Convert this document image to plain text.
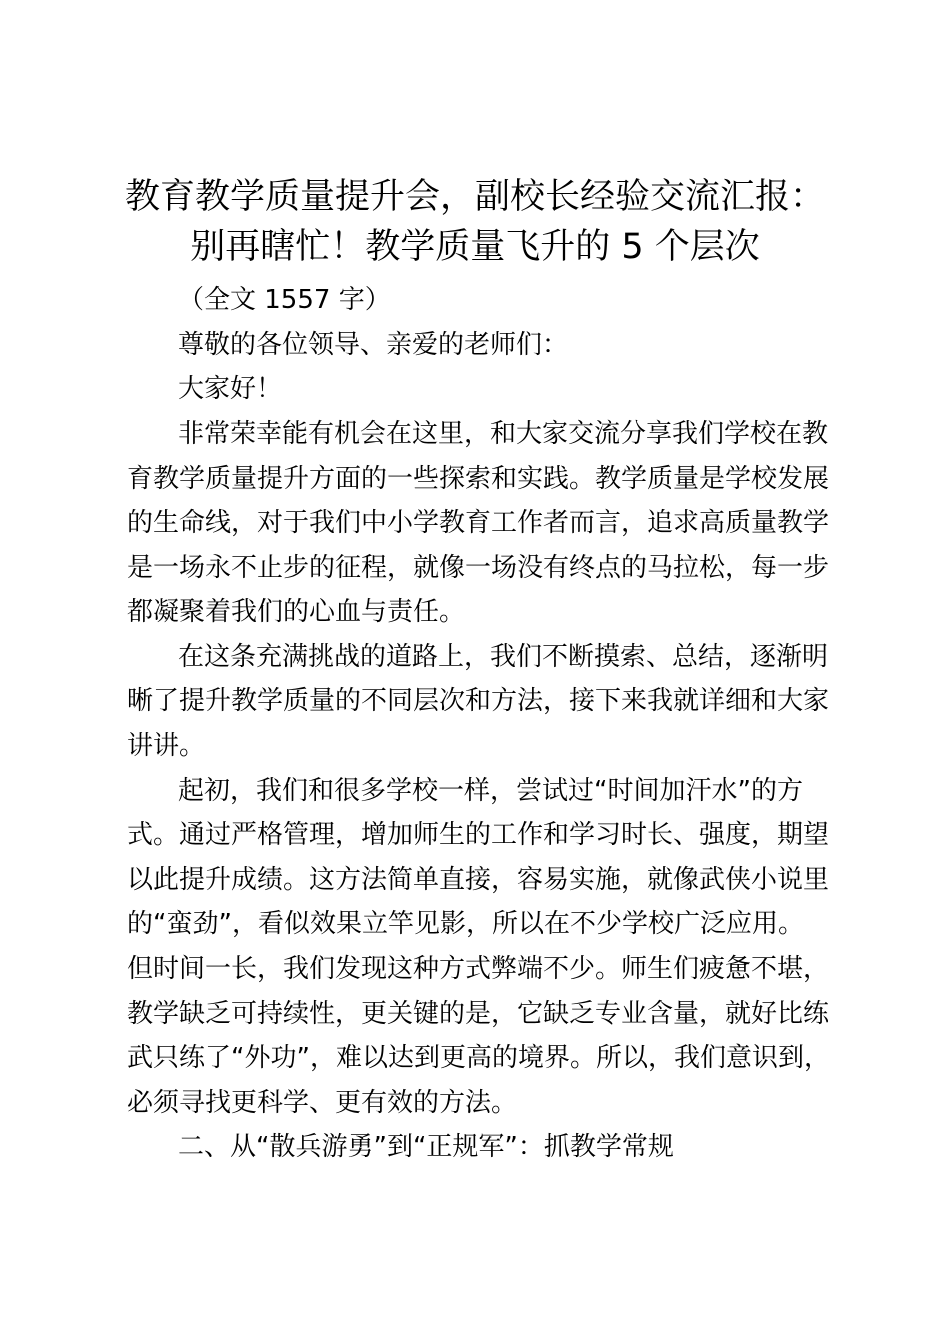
教育教学质量提升会，副校长经验交流汇报：
别再瞎忙！教学质量飞升的 5 个层次

（全文 1557 字）

尊敬的各位领导、亲爱的老师们：

大家好！

非常荣幸能有机会在这里，和大家交流分享我们学校在教

育教学质量提升方面的一些探索和实践。教学质量是学校发展

的生命线，对于我们中小学教育工作者而言，追求高质量教学

是一场永不止步的征程，就像一场没有终点的马拉松，每一步

都凝聚着我们的心血与责任。

在这条充满挑战的道路上，我们不断摸索、总结，逐渐明

晰了提升教学质量的不同层次和方法，接下来我就详细和大家

讲讲。

起初，我们和很多学校一样，尝试过“时间加汗水”的方

式。通过严格管理，增加师生的工作和学习时长、强度，期望

以此提升成绩。这方法简单直接，容易实施，就像武侠小说里

的“蛮劲”，看似效果立竿见影，所以在不少学校广泛应用。

但时间一长，我们发现这种方式弊端不少。师生们疲惫不堪，

教学缺乏可持续性，更关键的是，它缺乏专业含量，就好比练

武只练了“外功”，难以达到更高的境界。所以，我们意识到，

必须寻找更科学、更有效的方法。

二、从“散兵游勇”到“正规军”：抓教学常规
